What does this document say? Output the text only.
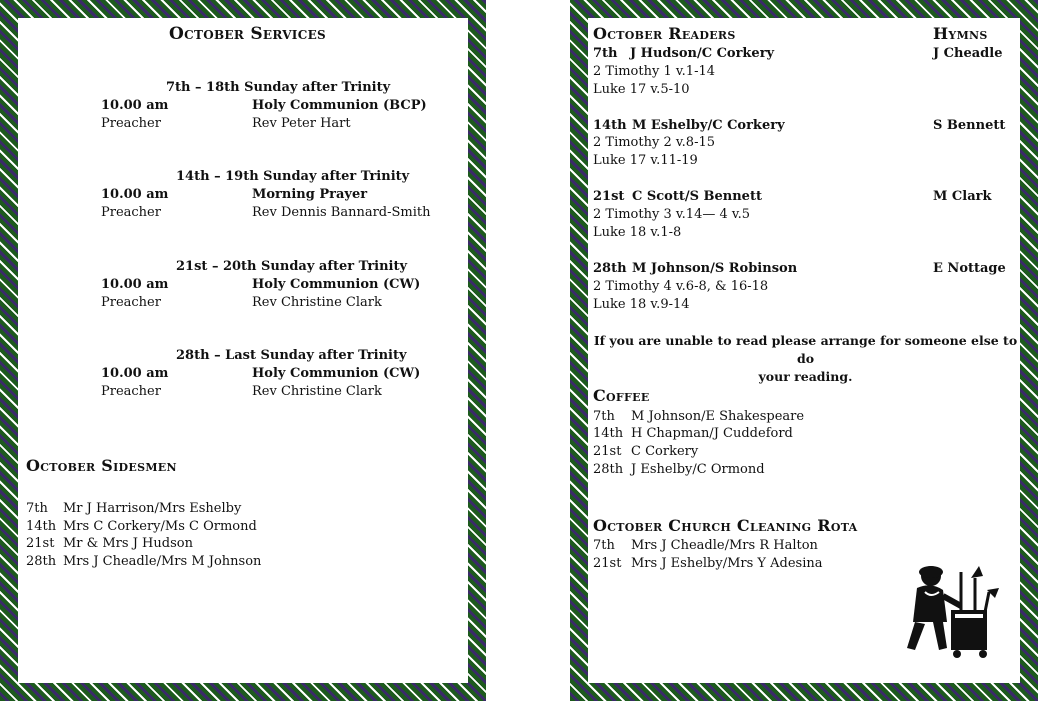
October Services
7th – 18th Sunday after Trinity
10.00 am	Holy Communion (BCP)
Preacher	Rev Peter Hart
14th – 19th Sunday after Trinity
10.00 am	Morning Prayer
Preacher	Rev Dennis Bannard-Smith
21st – 20th Sunday after Trinity
10.00 am	Holy Communion (CW)
Preacher	Rev Christine Clark
28th – Last Sunday after Trinity
10.00 am	Holy Communion (CW)
Preacher	Rev Christine Clark
October Sidesmen
7th Mr J Harrison/Mrs Eshelby
14th Mrs C Corkery/Ms C Ormond
21st Mr & Mrs J Hudson
28th Mrs J Cheadle/Mrs M Johnson
October Readers	Hymns
7th J Hudson/C Corkery	J Cheadle
2 Timothy 1 v.1-14
Luke 17 v.5-10
14th M Eshelby/C Corkery	S Bennett
2 Timothy 2 v.8-15
Luke 17 v.11-19
21st C Scott/S Bennett	M Clark
2 Timothy 3 v.14— 4 v.5
Luke 18 v.1-8
28th M Johnson/S Robinson	E Nottage
2 Timothy 4 v.6-8, & 16-18
Luke 18 v.9-14
If you are unable to read please arrange for someone else to do
your reading.
Coffee
7th M Johnson/E Shakespeare
14th H Chapman/J Cuddeford
21st C Corkery
28th J Eshelby/C Ormond
October Church Cleaning Rota
7th Mrs J Cheadle/Mrs R Halton
21st Mrs J Eshelby/Mrs Y Adesina
